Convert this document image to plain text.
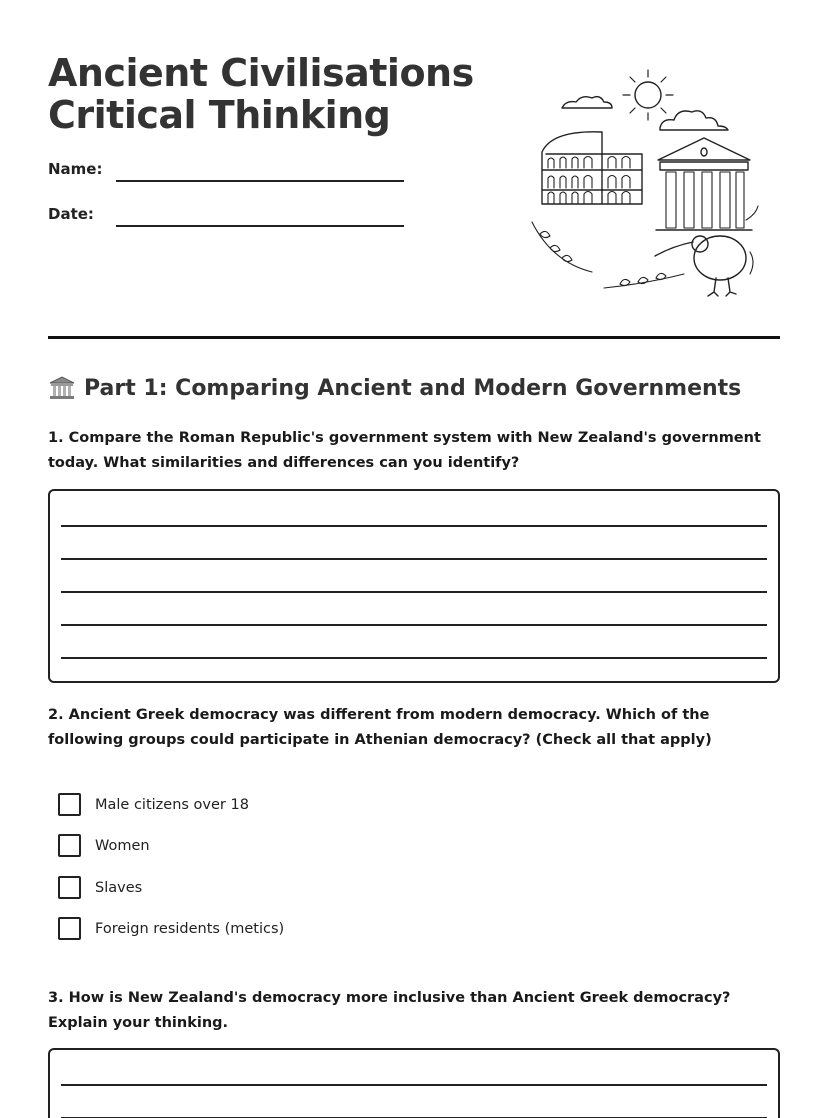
Ancient Civilisations
Critical Thinking
Name:
Date:
Part 1: Comparing Ancient and Modern Governments
1. Compare the Roman Republic's government system with New Zealand's government today. What similarities and differences can you identify?
2. Ancient Greek democracy was different from modern democracy. Which of the following groups could participate in Athenian democracy? (Check all that apply)
Male citizens over 18
Women
Slaves
Foreign residents (metics)
3. How is New Zealand's democracy more inclusive than Ancient Greek democracy? Explain your thinking.
